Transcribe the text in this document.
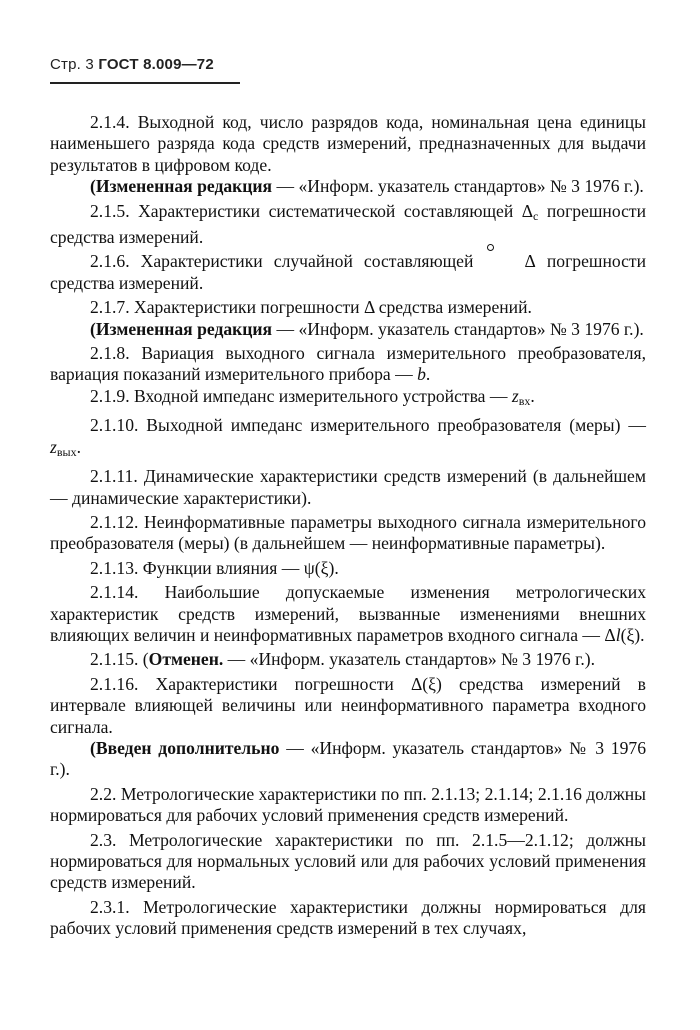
Стр. 3 ГОСТ 8.009—72
2.1.4. Выходной код, число разрядов кода, номинальная цена единицы наименьшего разряда кода средств измерений, предназначенных для выдачи результатов в цифровом коде.
(Измененная редакция — «Информ. указатель стандартов» № 3 1976 г.).
2.1.5. Характеристики систематической составляющей $\Delta_с$ погрешности средства измерений.
2.1.6. Характеристики случайной составляющей Δ погрешности средства измерений.
2.1.7. Характеристики погрешности Δ средства измерений.
(Измененная редакция — «Информ. указатель стандартов» № 3 1976 г.).
2.1.8. Вариация выходного сигнала измерительного преобразователя, вариация показаний измерительного прибора — b.
2.1.9. Входной импеданс измерительного устройства — $z_{вх}$.
2.1.10. Выходной импеданс измерительного преобразователя (меры) — $z_{вых}$.
2.1.11. Динамические характеристики средств измерений (в дальнейшем — динамические характеристики).
2.1.12. Неинформативные параметры выходного сигнала измерительного преобразователя (меры) (в дальнейшем — неинформативные параметры).
2.1.13. Функции влияния — ψ(ξ).
2.1.14. Наибольшие допускаемые изменения метрологических характеристик средств измерений, вызванные изменениями внешних влияющих величин и неинформативных параметров входного сигнала — Δl(ξ).
2.1.15. (Отменен. — «Информ. указатель стандартов» № 3 1976 г.).
2.1.16. Характеристики погрешности Δ(ξ) средства измерений в интервале влияющей величины или неинформативного параметра входного сигнала.
(Введен дополнительно — «Информ. указатель стандартов» № 3 1976 г.).
2.2. Метрологические характеристики по пп. 2.1.13; 2.1.14; 2.1.16 должны нормироваться для рабочих условий применения средств измерений.
2.3. Метрологические характеристики по пп. 2.1.5—2.1.12; должны нормироваться для нормальных условий или для рабочих условий применения средств измерений.
2.3.1. Метрологические характеристики должны нормироваться для рабочих условий применения средств измерений в тех случаях,
